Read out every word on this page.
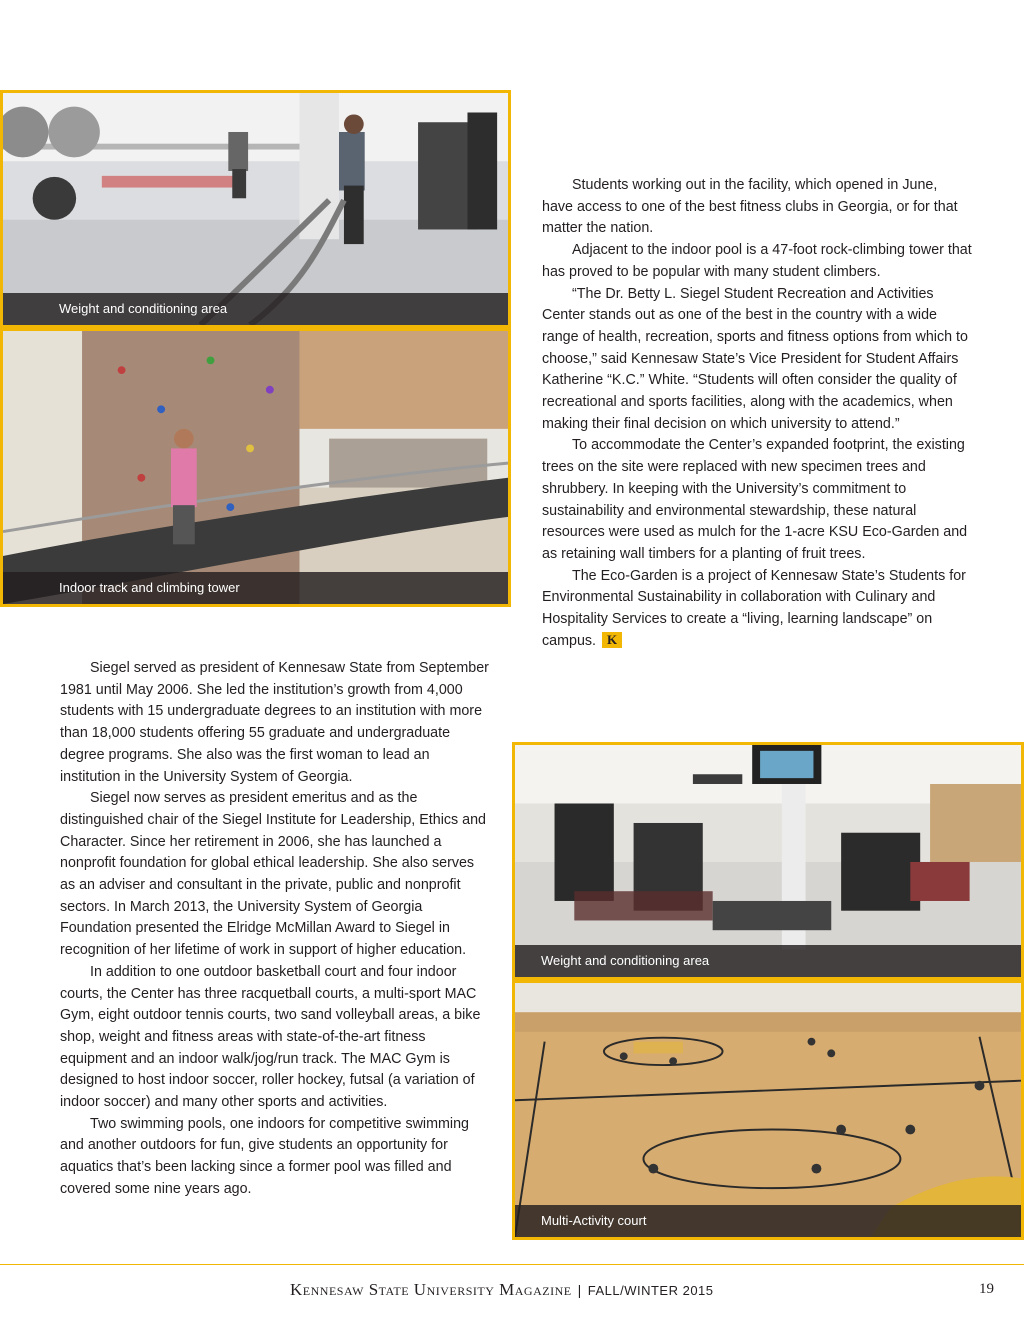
Weight and conditioning area
Indoor track and climbing tower

Students working out in the facility, which opened in June, have access to one of the best fitness clubs in Georgia, or for that matter the nation.

Adjacent to the indoor pool is a 47-foot rock-climbing tower that has proved to be popular with many student climbers.

“The Dr. Betty L. Siegel Student Recreation and Activities Center stands out as one of the best in the country with a wide range of health, recreation, sports and fitness options from which to choose,” said Kennesaw State’s Vice President for Student Affairs Katherine “K.C.” White. “Students will often consider the quality of recreational and sports facilities, along with the academics, when making their final decision on which university to attend.”

To accommodate the Center’s expanded footprint, the existing trees on the site were replaced with new specimen trees and shrubbery. In keeping with the University’s commitment to sustainability and environmental stewardship, these natural resources were used as mulch for the 1-acre KSU Eco-Garden and as retaining wall timbers for a planting of fruit trees.

The Eco-Garden is a project of Kennesaw State’s Students for Environmental Sustainability in collaboration with Culinary and Hospitality Services to create a “living, learning landscape” on campus. K

Siegel served as president of Kennesaw State from September 1981 until May 2006. She led the institution’s growth from 4,000 students with 15 undergraduate degrees to an institution with more than 18,000 students offering 55 graduate and undergraduate degree programs. She also was the first woman to lead an institution in the University System of Georgia.

Siegel now serves as president emeritus and as the distinguished chair of the Siegel Institute for Leadership, Ethics and Character. Since her retirement in 2006, she has launched a nonprofit foundation for global ethical leadership. She also serves as an adviser and consultant in the private, public and nonprofit sectors. In March 2013, the University System of Georgia Foundation presented the Elridge McMillan Award to Siegel in recognition of her lifetime of work in support of higher education.

In addition to one outdoor basketball court and four indoor courts, the Center has three racquetball courts, a multi-sport MAC Gym, eight outdoor tennis courts, two sand volleyball areas, a bike shop, weight and fitness areas with state-of-the-art fitness equipment and an indoor walk/jog/run track. The MAC Gym is designed to host indoor soccer, roller hockey, futsal (a variation of indoor soccer) and many other sports and activities.

Two swimming pools, one indoors for competitive swimming and another outdoors for fun, give students an opportunity for aquatics that’s been lacking since a former pool was filled and covered some nine years ago.

Weight and conditioning area
Multi-Activity court
Kennesaw State University Magazine | FALL/WINTER 2015	19
